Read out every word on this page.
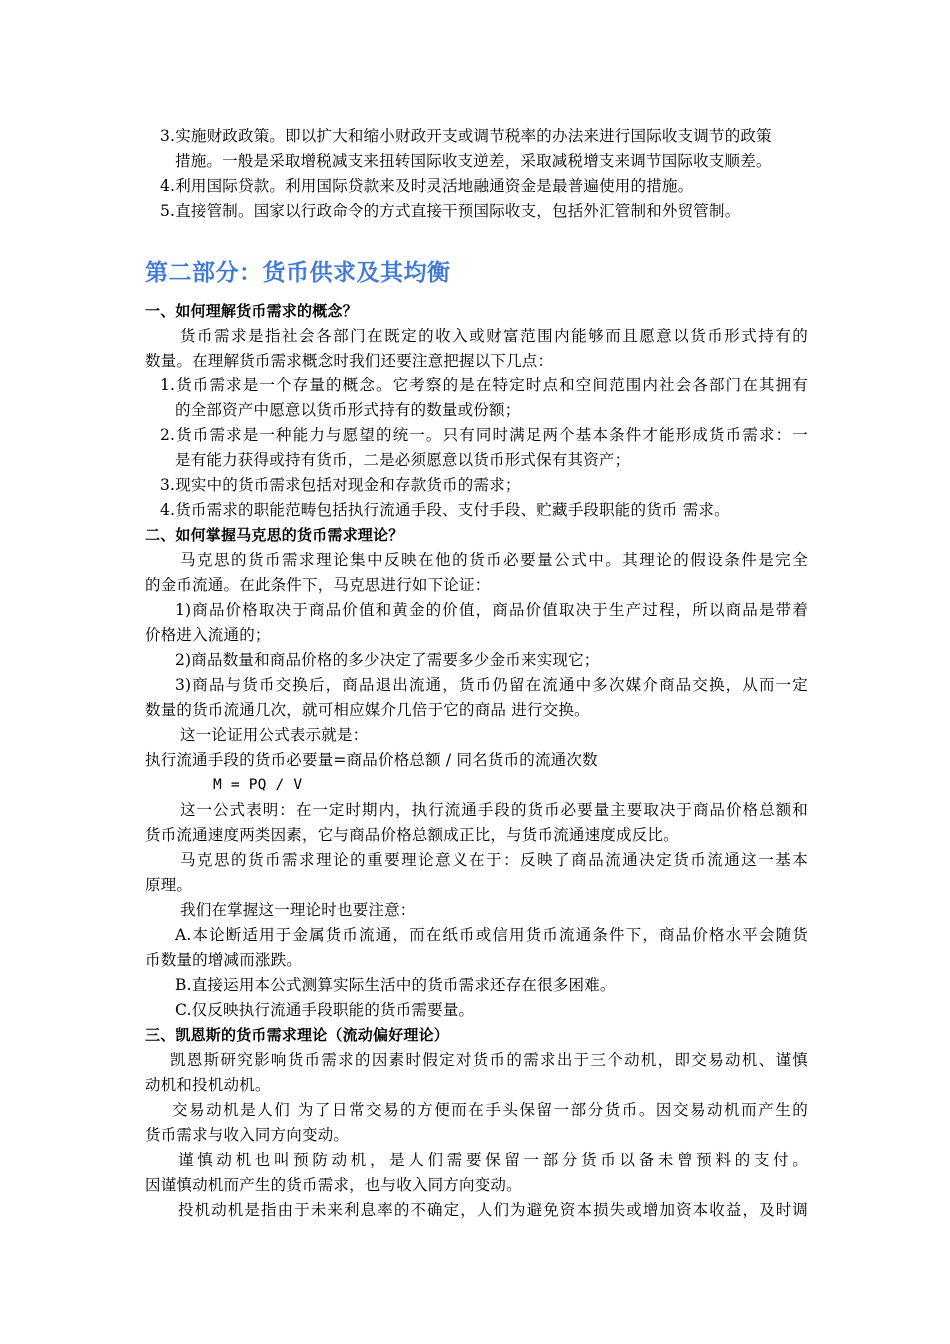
3.实施财政政策。即以扩大和缩小财政开支或调节税率的办法来进行国际收支调节的政策
措施。一般是采取增税减支来扭转国际收支逆差，采取减税增支来调节国际收支顺差。
4.利用国际贷款。利用国际贷款来及时灵活地融通资金是最普遍使用的措施。
5.直接管制。国家以行政命令的方式直接干预国际收支，包括外汇管制和外贸管制。
第二部分：货币供求及其均衡
一、如何理解货币需求的概念？
货币需求是指社会各部门在既定的收入或财富范围内能够而且愿意以货币形式持有的
数量。在理解货币需求概念时我们还要注意把握以下几点：
1.货币需求是一个存量的概念。它考察的是在特定时点和空间范围内社会各部门在其拥有
的全部资产中愿意以货币形式持有的数量或份额；
2.货币需求是一种能力与愿望的统一。只有同时满足两个基本条件才能形成货币需求：一
是有能力获得或持有货币，二是必须愿意以货币形式保有其资产；
3.现实中的货币需求包括对现金和存款货币的需求；
4.货币需求的职能范畴包括执行流通手段、支付手段、贮藏手段职能的货币 需求。
二、如何掌握马克思的货币需求理论？
马克思的货币需求理论集中反映在他的货币必要量公式中。其理论的假设条件是完全
的金币流通。在此条件下，马克思进行如下论证：
1)商品价格取决于商品价值和黄金的价值，商品价值取决于生产过程，所以商品是带着
价格进入流通的；
2)商品数量和商品价格的多少决定了需要多少金币来实现它；
3)商品与货币交换后，商品退出流通，货币仍留在流通中多次媒介商品交换，从而一定
数量的货币流通几次，就可相应媒介几倍于它的商品 进行交换。
这一论证用公式表示就是：
执行流通手段的货币必要量=商品价格总额 / 同名货币的流通次数
M = PQ / V
这一公式表明：在一定时期内，执行流通手段的货币必要量主要取决于商品价格总额和
货币流通速度两类因素，它与商品价格总额成正比，与货币流通速度成反比。
马克思的货币需求理论的重要理论意义在于：反映了商品流通决定货币流通这一基本
原理。
我们在掌握这一理论时也要注意：
A.本论断适用于金属货币流通，而在纸币或信用货币流通条件下，商品价格水平会随货
币数量的增减而涨跌。
B.直接运用本公式测算实际生活中的货币需求还存在很多困难。
C.仅反映执行流通手段职能的货币需要量。
三、凯恩斯的货币需求理论（流动偏好理论）
凯恩斯研究影响货币需求的因素时假定对货币的需求出于三个动机，即交易动机、谨慎
动机和投机动机。
交易动机是人们 为了日常交易的方便而在手头保留一部分货币。因交易动机而产生的
货币需求与收入同方向变动。
谨慎动机也叫预防动机，是人们需要保留一部分货币以备未曾预料的支付。
因谨慎动机而产生的货币需求，也与收入同方向变动。
投机动机是指由于未来利息率的不确定，人们为避免资本损失或增加资本收益，及时调
